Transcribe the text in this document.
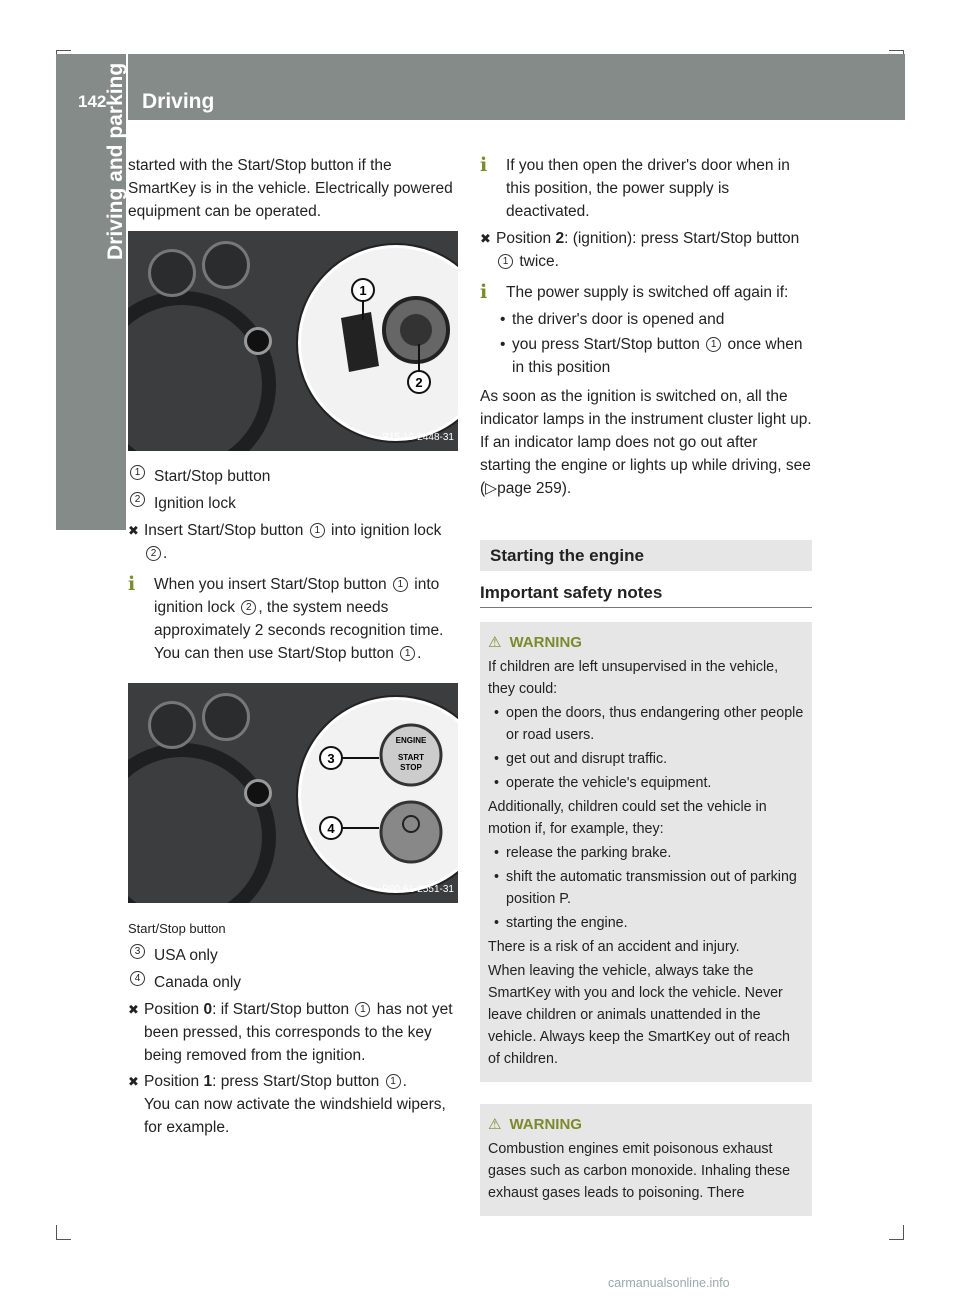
142 Driving
Driving and parking started with the Start/Stop button if the SmartKey is in the vehicle. Electrically powered equipment can be operated.

1
2
P15.10-2448-31
1 Start/Stop button
2 Ignition lock
✖ Insert Start/Stop button 1 into ignition lock 2 .
i	When you insert Start/Stop button 1 into ignition lock 2 , the system needs approximately 2 seconds recognition time. You can then use Start/Stop button 1 .
ENGINE
START
STOP
3
4
P80.61-2551-31
Start/Stop button
3 USA only
4 Canada only
✖ Position 0: if Start/Stop button 1 has not yet been pressed, this corresponds to the key being removed from the ignition.
✖ Position 1: press Start/Stop button 1 .
You can now activate the windshield wipers, for example.
i	If you then open the driver's door when in this position, the power supply is deactivated.
✖ Position 2: (ignition): press Start/Stop button 1 twice.
i	The power supply is switched off again if:
• the driver's door is opened and
• you press Start/Stop button 1 once when in this position

As soon as the ignition is switched on, all the indicator lamps in the instrument cluster light up. If an indicator lamp does not go out after starting the engine or lights up while driving, see (▷page 259).

Starting the engine
Important safety notes
⚠ WARNING

If children are left unsupervised in the vehicle, they could:

• open the doors, thus endangering other people or road users.
• get out and disrupt traffic.
• operate the vehicle's equipment.

Additionally, children could set the vehicle in motion if, for example, they:

• release the parking brake.
• shift the automatic transmission out of parking position P.
• starting the engine.

There is a risk of an accident and injury.

When leaving the vehicle, always take the SmartKey with you and lock the vehicle. Never leave children or animals unattended in the vehicle. Always keep the SmartKey out of reach of children.

⚠ WARNING

Combustion engines emit poisonous exhaust gases such as carbon monoxide. Inhaling these exhaust gases leads to poisoning. There

carmanualsonline.info
